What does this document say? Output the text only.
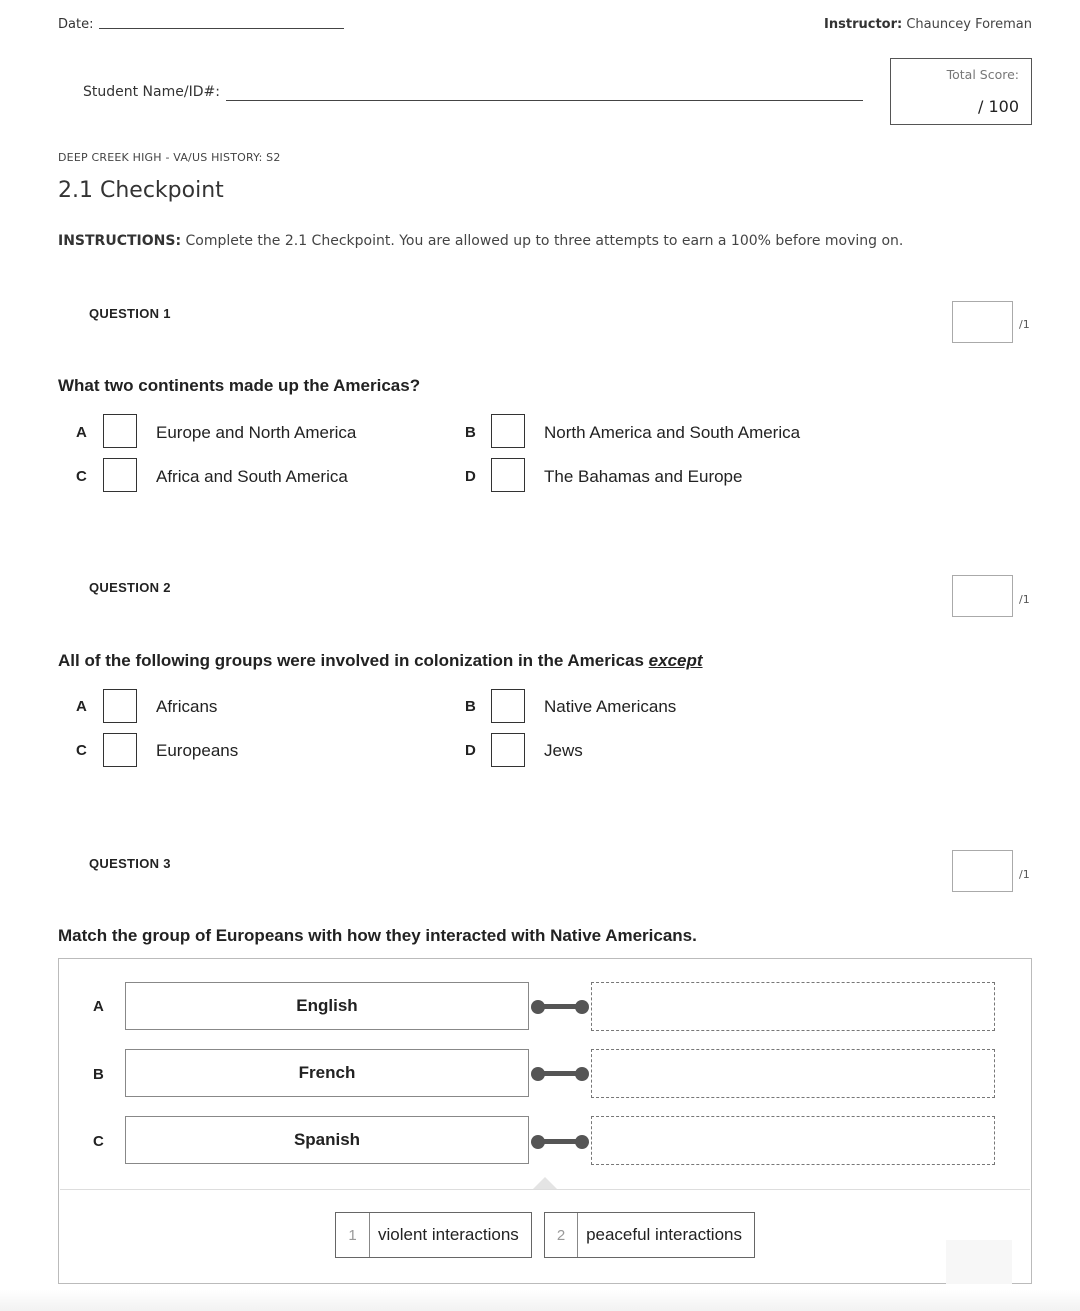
Date:	Instructor: Chauncey Foreman
Student Name/ID#:
Total Score:
/ 100
DEEP CREEK HIGH - VA/US HISTORY: S2
2.1 Checkpoint
INSTRUCTIONS: Complete the 2.1 Checkpoint. You are allowed up to three attempts to earn a 100% before moving on.
QUESTION 1
/1
What two continents made up the Americas?
A	Europe and North America	B	North America and South America
C	Africa and South America	D	The Bahamas and Europe
QUESTION 2
/1
All of the following groups were involved in colonization in the Americas except
A	Africans	B	Native Americans
C	Europeans	D	Jews
QUESTION 3
/1
Match the group of Europeans with how they interacted with Native Americans.
A	English
B	French
C	Spanish
1	violent interactions	2	peaceful interactions
